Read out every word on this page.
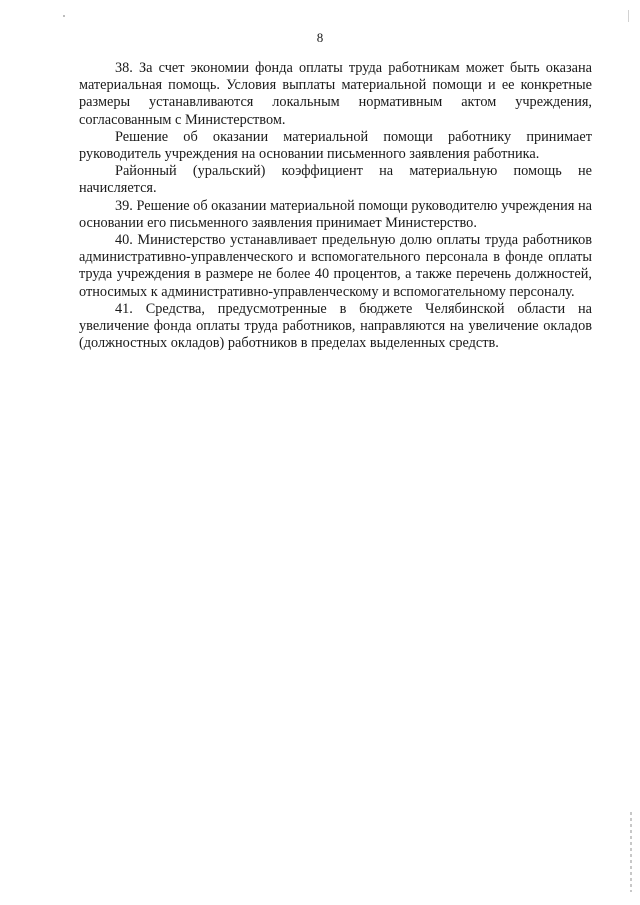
8

38. За счет экономии фонда оплаты труда работникам может быть оказана материальная помощь. Условия выплаты материальной помощи и ее конкретные размеры устанавливаются локальным нормативным актом учреждения, согласованным с Министерством.

Решение об оказании материальной помощи работнику принимает руководитель учреждения на основании письменного заявления работника.

Районный (уральский) коэффициент на материальную помощь не начисляется.

39. Решение об оказании материальной помощи руководителю учреждения на основании его письменного заявления принимает Министерство.

40. Министерство устанавливает предельную долю оплаты труда работников административно-управленческого и вспомогательного персонала в фонде оплаты труда учреждения в размере не более 40 процентов, а также перечень должностей, относимых к административно-управленческому и вспомогательному персоналу.

41. Средства, предусмотренные в бюджете Челябинской области на увеличение фонда оплаты труда работников, направляются на увеличение окладов (должностных окладов) работников в пределах выделенных средств.
